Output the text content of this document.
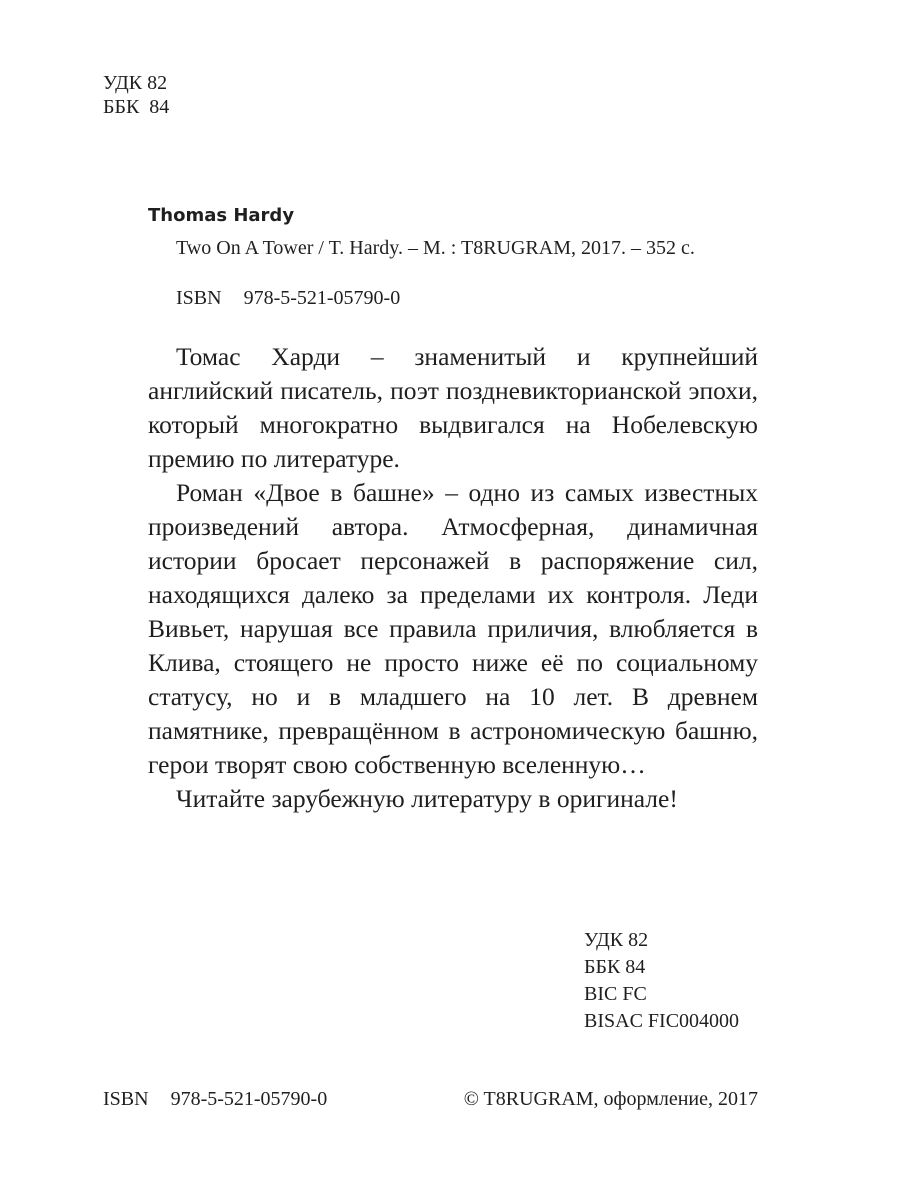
УДК 82
ББК  84
Thomas Hardy
Two On A Tower / T. Hardy. – M. : T8RUGRAM, 2017. – 352 с.
ISBN 978-5-521-05790-0

Томас Харди – знаменитый и крупнейший английский писатель, поэт поздневикторианской эпохи, который многократно выдвигался на Нобелевскую премию по литературе.

Роман «Двое в башне» – одно из самых известных произведений автора. Атмосферная, динамичная истории бросает персонажей в распоряжение сил, находящихся далеко за пределами их контроля. Леди Вивьет, нарушая все правила приличия, влюбляется в Клива, стоящего не просто ниже её по социальному статусу, но и в младшего на 10 лет. В древнем памятнике, превращённом в астрономическую башню, герои творят свою собственную вселенную…

Читайте зарубежную литературу в оригинале!

УДК 82
ББК 84
BIC FC
BISAC FIC004000
ISBN 978-5-521-05790-0	© T8RUGRAM, оформление, 2017
